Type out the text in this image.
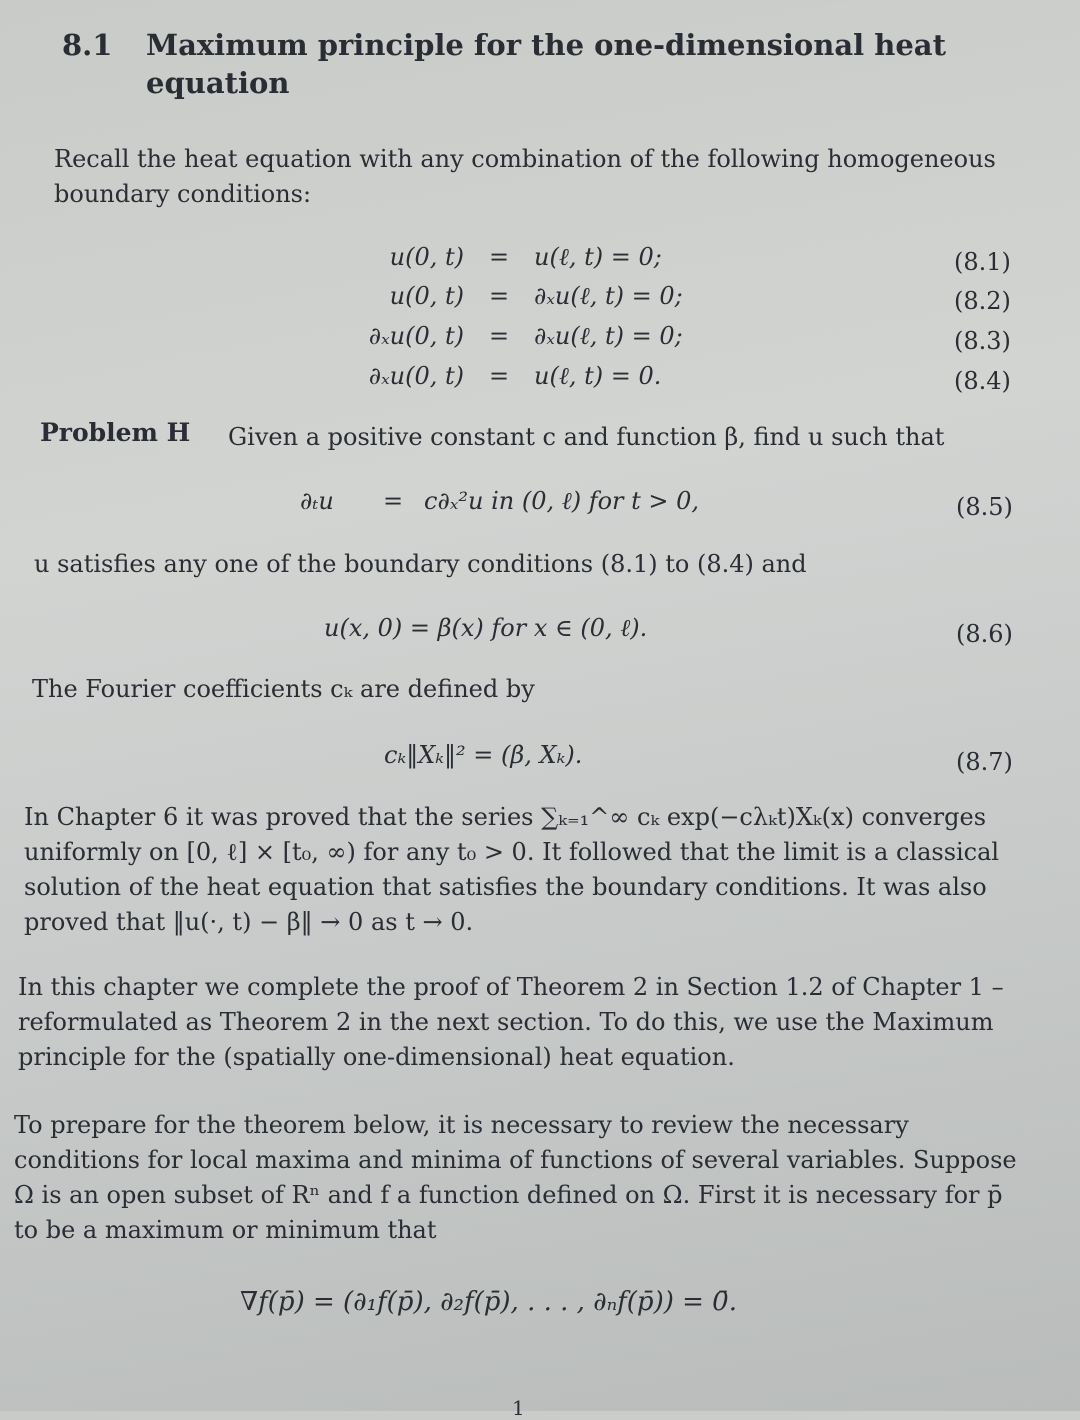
8.1 Maximum principle for the one-dimensional heat equation
Recall the heat equation with any combination of the following homogeneous boundary conditions:
u(0, t) = u(ℓ, t) = 0;	(8.1)
u(0, t) = ∂ₓu(ℓ, t) = 0;	(8.2)
∂ₓu(0, t) = ∂ₓu(ℓ, t) = 0;	(8.3)
∂ₓu(0, t) = u(ℓ, t) = 0.	(8.4)
Problem H Given a positive constant c and function β, find u such that
∂ₜu = c∂ₓ²u in (0, ℓ) for t > 0,	(8.5)
u satisfies any one of the boundary conditions (8.1) to (8.4) and
u(x, 0) = β(x) for x ∈ (0, ℓ).	(8.6)
The Fourier coefficients cₖ are defined by
cₖ‖Xₖ‖² = (β, Xₖ).	(8.7)
In Chapter 6 it was proved that the series ∑ₖ₌₁^∞ cₖ exp(−cλₖt)Xₖ(x) converges uniformly on [0, ℓ] × [t₀, ∞) for any t₀ > 0. It followed that the limit is a classical solution of the heat equation that satisfies the boundary conditions. It was also proved that ‖u(·, t) − β‖ → 0 as t → 0.
In this chapter we complete the proof of Theorem 2 in Section 1.2 of Chapter 1 – reformulated as Theorem 2 in the next section. To do this, we use the Maximum principle for the (spatially one-dimensional) heat equation.
To prepare for the theorem below, it is necessary to review the necessary conditions for local maxima and minima of functions of several variables. Suppose Ω is an open subset of Rⁿ and f a function defined on Ω. First it is necessary for p̄ to be a maximum or minimum that
∇f(p̄) = (∂₁f(p̄), ∂₂f(p̄), . . . , ∂ₙf(p̄)) = 0̄.
1
